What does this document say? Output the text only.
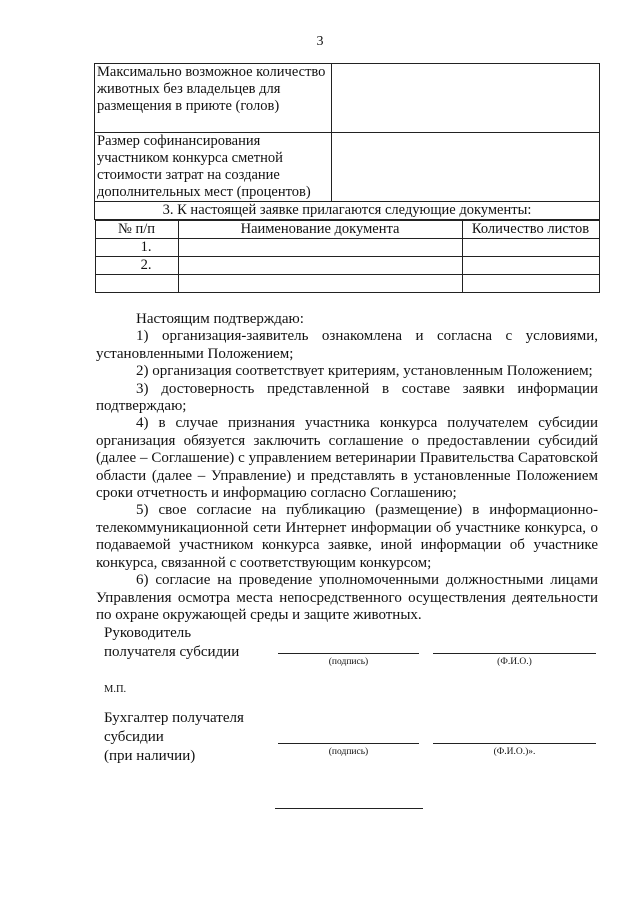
3
Максимально возможное количество животных без владельцев для размещения в приюте (голов)	
Размер софинансирования участником конкурса сметной стоимости затрат на создание дополнительных мест (процентов)	
3. К настоящей заявке прилагаются следующие документы:

№ п/п	Наименование документа	Количество листов
1.		
2.		

Настоящим подтверждаю:

1) организация-заявитель ознакомлена и согласна с условиями, установленными Положением;

2) организация соответствует критериям, установленным Положением;

3) достоверность представленной в составе заявки информации подтверждаю;

4) в случае признания участника конкурса получателем субсидии организация обязуется заключить соглашение о предоставлении субсидий (далее – Соглашение) с управлением ветеринарии Правительства Саратовской области (далее – Управление) и представлять в установленные Положением сроки отчетность и информацию согласно Соглашению;

5) свое согласие на публикацию (размещение) в информационно-телекоммуникационной сети Интернет информации об участнике конкурса, о подаваемой участником конкурса заявке, иной информации об участнике конкурса, связанной с соответствующим конкурсом;

6) согласие на проведение уполномоченными должностными лицами Управления осмотра места непосредственного осуществления деятельности по охране окружающей среды и защите животных.

Руководитель
получателя субсидии
(подпись)	(Ф.И.О.)
М.П.
Бухгалтер получателя
субсидии
(при наличии)	(подпись)	(Ф.И.О.)».
